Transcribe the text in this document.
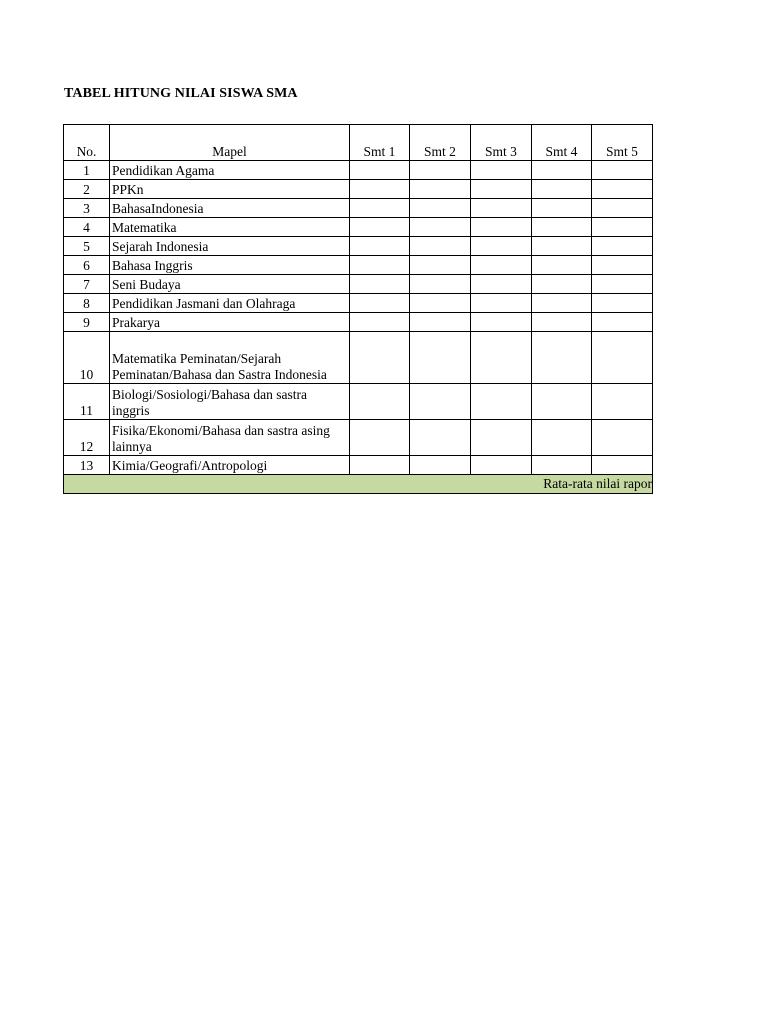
TABEL HITUNG NILAI SISWA SMA
No.	Mapel	Smt 1	Smt 2	Smt 3	Smt 4	Smt 5
1	Pendidikan Agama					
2	PPKn					
3	BahasaIndonesia					
4	Matematika					
5	Sejarah Indonesia					
6	Bahasa Inggris					
7	Seni Budaya					
8	Pendidikan Jasmani dan Olahraga					
9	Prakarya					
10	Matematika Peminatan/Sejarah Peminatan/Bahasa dan Sastra Indonesia					
11	Biologi/Sosiologi/Bahasa dan sastra inggris					
12	Fisika/Ekonomi/Bahasa dan sastra asing lainnya					
13	Kimia/Geografi/Antropologi					
Rata-rata nilai rapor						
